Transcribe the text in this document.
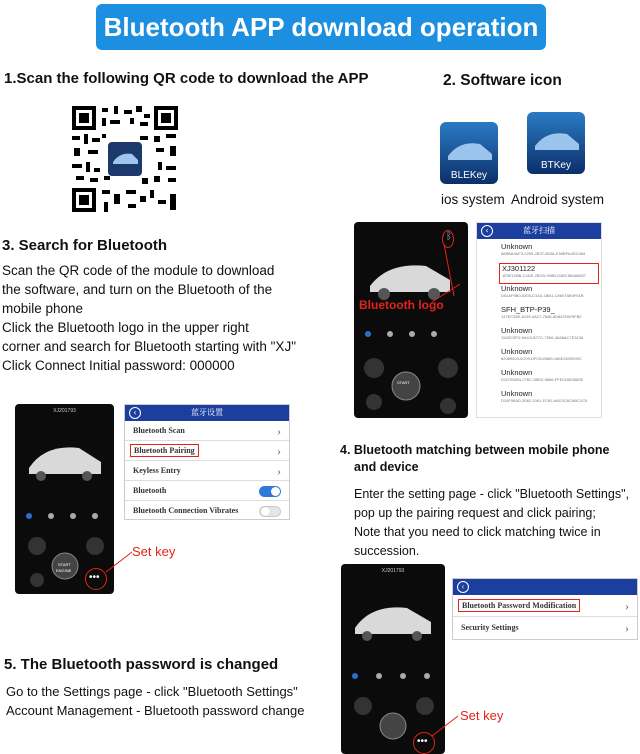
Bluetooth APP download operation
1.Scan the following QR code to download the APP	2. Software icon
BLEKey
BTKey
ios system Android system
3. Search for Bluetooth
Scan the QR code of the module to download
the software, and turn on the Bluetooth of the
mobile phone
Click the Bluetooth logo in the upper right
corner and search for Bluetooth starting with "XJ"
Click Connect Initial password: 000000
START
ᛒ
Bluetooth logo
‹	蓝牙扫描
Unknown
6B9BA4AF3-2299-2B37-853A-E55BFA4DC064
XJ301122
1E5E11BB-C4DE-2BCB-998B-D4BC5B466957
Unknown
D61AF9B0-6305-D14A-1BB1-C8607AB4F61B
SFH_BTP-P39_
147EC55E-8139-4A27-7848-8D842FAF9FB0
Unknown
1549C0FD-9AC8-B77C-7550-4A56AC7E3108
Unknown
82089004-0C09-DFCB-B589-186E2829090C
Unknown
D1D7B2B4-276C-3BD0-9666-FFE015B3589E
Unknown
D10F06AD-3062-1061-FC60-A6C0C6CABC1C5
XJ201793
START
ENGINE
•••
Set key
‹	蓝牙设置
Bluetooth Scan	›
Bluetooth Pairing	›
Keyless Entry	›
Bluetooth
Bluetooth Connection Vibrates
4. Bluetooth matching between mobile phone
and device
Enter the setting page - click "Bluetooth Settings",
pop up the pairing request and click pairing;
Note that you need to click matching twice in
succession.
XJ201793
•••
Set key
‹
Bluetooth Password Modification	›
Security Settings	›
5. The Bluetooth password is changed
Go to the Settings page - click "Bluetooth Settings"
Account Management - Bluetooth password change
